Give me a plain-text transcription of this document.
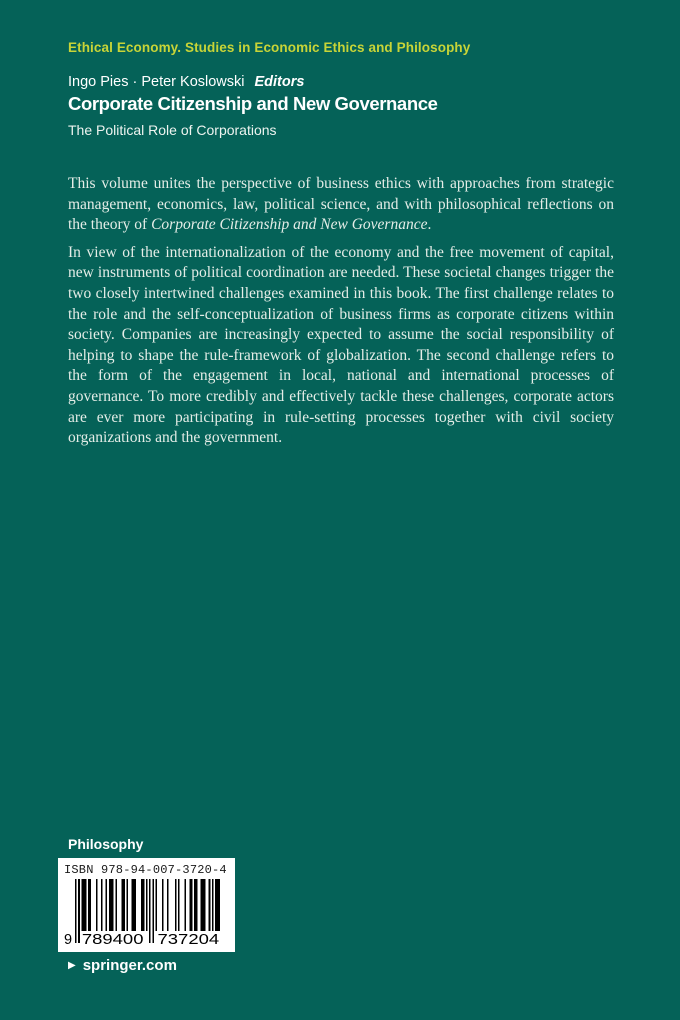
Ethical Economy. Studies in Economic Ethics and Philosophy
Ingo Pies · Peter Koslowski Editors
Corporate Citizenship and New Governance
The Political Role of Corporations

This volume unites the perspective of business ethics with approaches from strategic management, economics, law, political science, and with philosophical reflections on the theory of Corporate Citizenship and New Governance.

In view of the internationalization of the economy and the free movement of capital, new instruments of political coordination are needed. These societal changes trigger the two closely intertwined challenges examined in this book. The first challenge relates to the role and the self-conceptualization of business firms as corporate citizens within society. Companies are increasingly expected to assume the social responsibility of helping to shape the rule-framework of globalization. The second challenge refers to the form of the engagement in local, national and international processes of governance. To more credibly and effectively tackle these challenges, corporate actors are ever more participating in rule-setting processes together with civil society organizations and the government.

Philosophy
ISBN 978-94-007-3720-4
9 789400 737204
▶ springer.com
